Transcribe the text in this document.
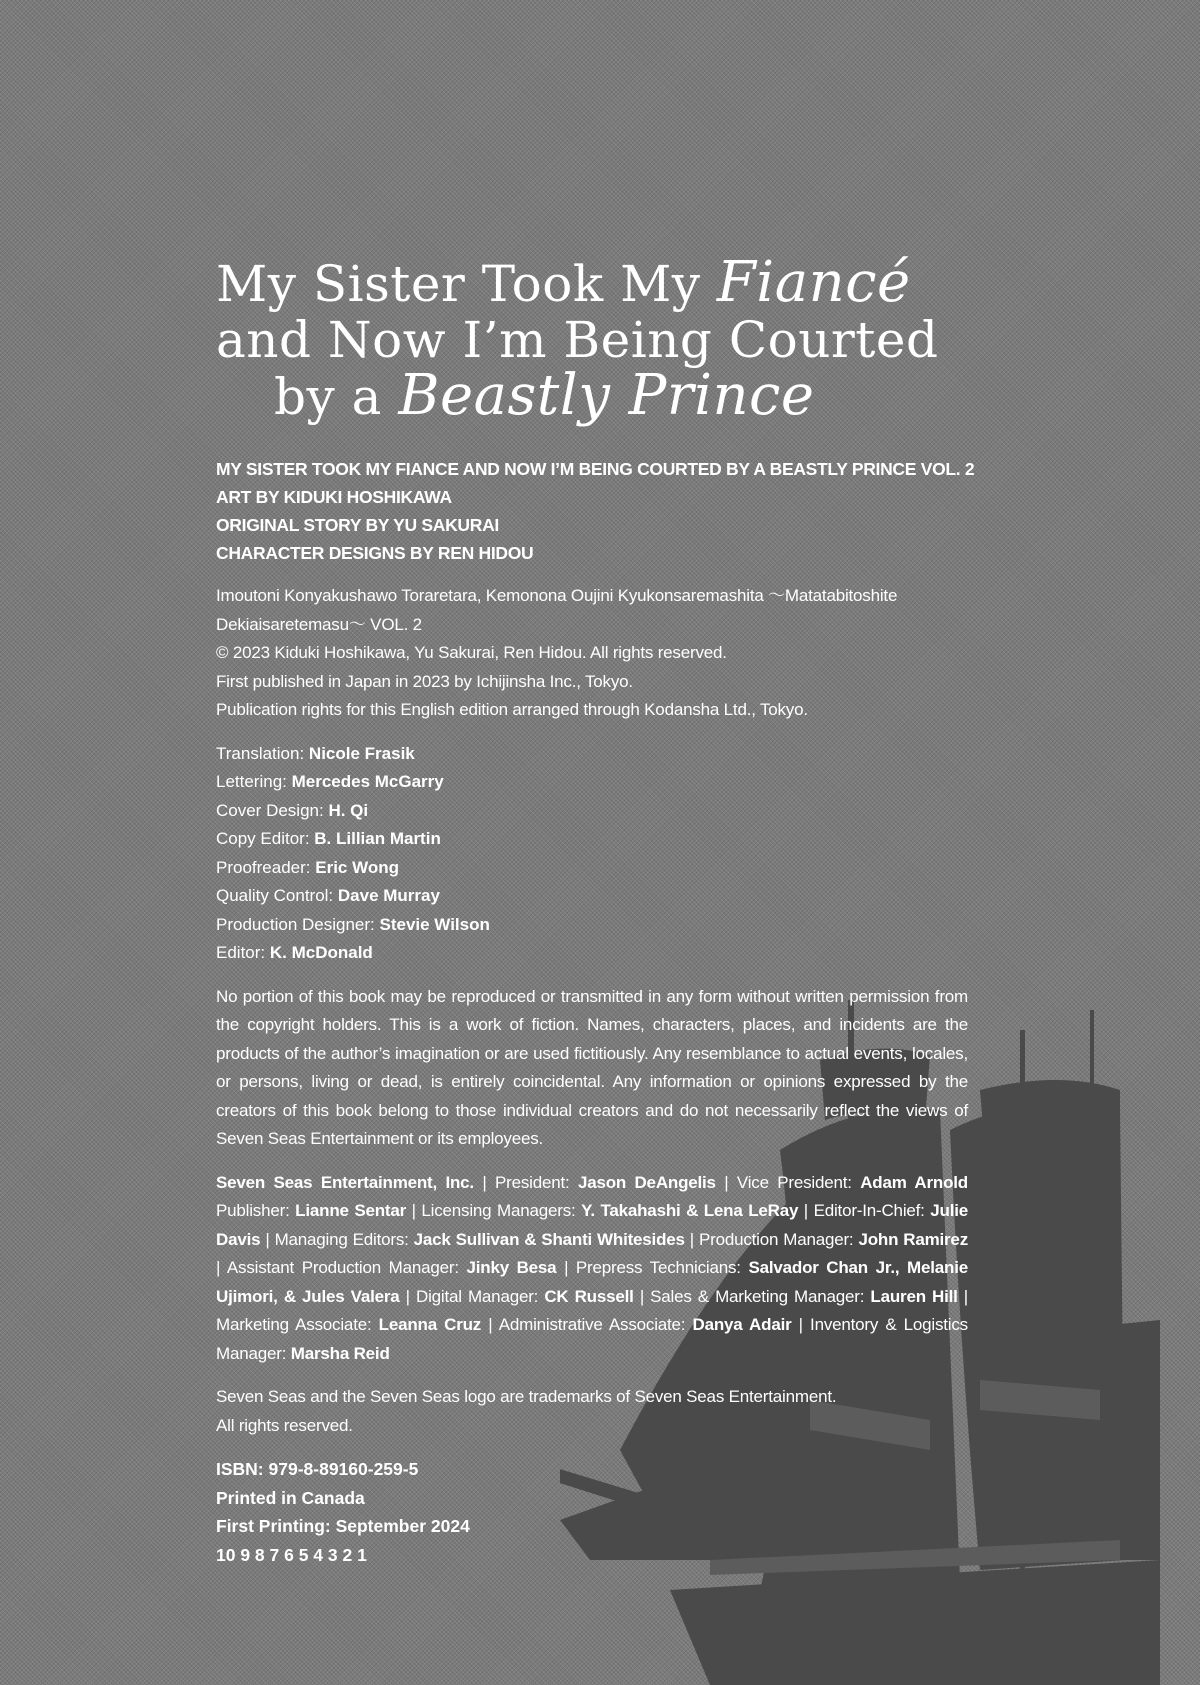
My Sister Took My Fiancé
and Now I’m Being Courted
by a Beastly Prince
MY SISTER TOOK MY FIANCE AND NOW I’M BEING COURTED BY A BEASTLY PRINCE VOL. 2
ART BY KIDUKI HOSHIKAWA
ORIGINAL STORY BY YU SAKURAI
CHARACTER DESIGNS BY REN HIDOU
Imoutoni Konyakushawo Toraretara, Kemonona Oujini Kyukonsaremashita ～Matatabitoshite Dekiaisaretemasu～ VOL. 2
© 2023 Kiduki Hoshikawa, Yu Sakurai, Ren Hidou. All rights reserved.
First published in Japan in 2023 by Ichijinsha Inc., Tokyo.
Publication rights for this English edition arranged through Kodansha Ltd., Tokyo.
Translation: Nicole Frasik
Lettering: Mercedes McGarry
Cover Design: H. Qi
Copy Editor: B. Lillian Martin
Proofreader: Eric Wong
Quality Control: Dave Murray
Production Designer: Stevie Wilson
Editor: K. McDonald
No portion of this book may be reproduced or transmitted in any form without written permission from the copyright holders. This is a work of fiction. Names, characters, places, and incidents are the products of the author’s imagination or are used fictitiously. Any resemblance to actual events, locales, or persons, living or dead, is entirely coincidental. Any information or opinions expressed by the creators of this book belong to those individual creators and do not necessarily reflect the views of Seven Seas Entertainment or its employees.
Seven Seas Entertainment, Inc. | President: Jason DeAngelis | Vice President: Adam Arnold Publisher: Lianne Sentar | Licensing Managers: Y. Takahashi & Lena LeRay | Editor-In-Chief: Julie Davis | Managing Editors: Jack Sullivan & Shanti Whitesides | Production Manager: John Ramirez | Assistant Production Manager: Jinky Besa | Prepress Technicians: Salvador Chan Jr., Melanie Ujimori, & Jules Valera | Digital Manager: CK Russell | Sales & Marketing Manager: Lauren Hill | Marketing Associate: Leanna Cruz | Administrative Associate: Danya Adair | Inventory & Logistics Manager: Marsha Reid
Seven Seas and the Seven Seas logo are trademarks of Seven Seas Entertainment.
All rights reserved.
ISBN: 979-8-89160-259-5
Printed in Canada
First Printing: September 2024
10 9 8 7 6 5 4 3 2 1
